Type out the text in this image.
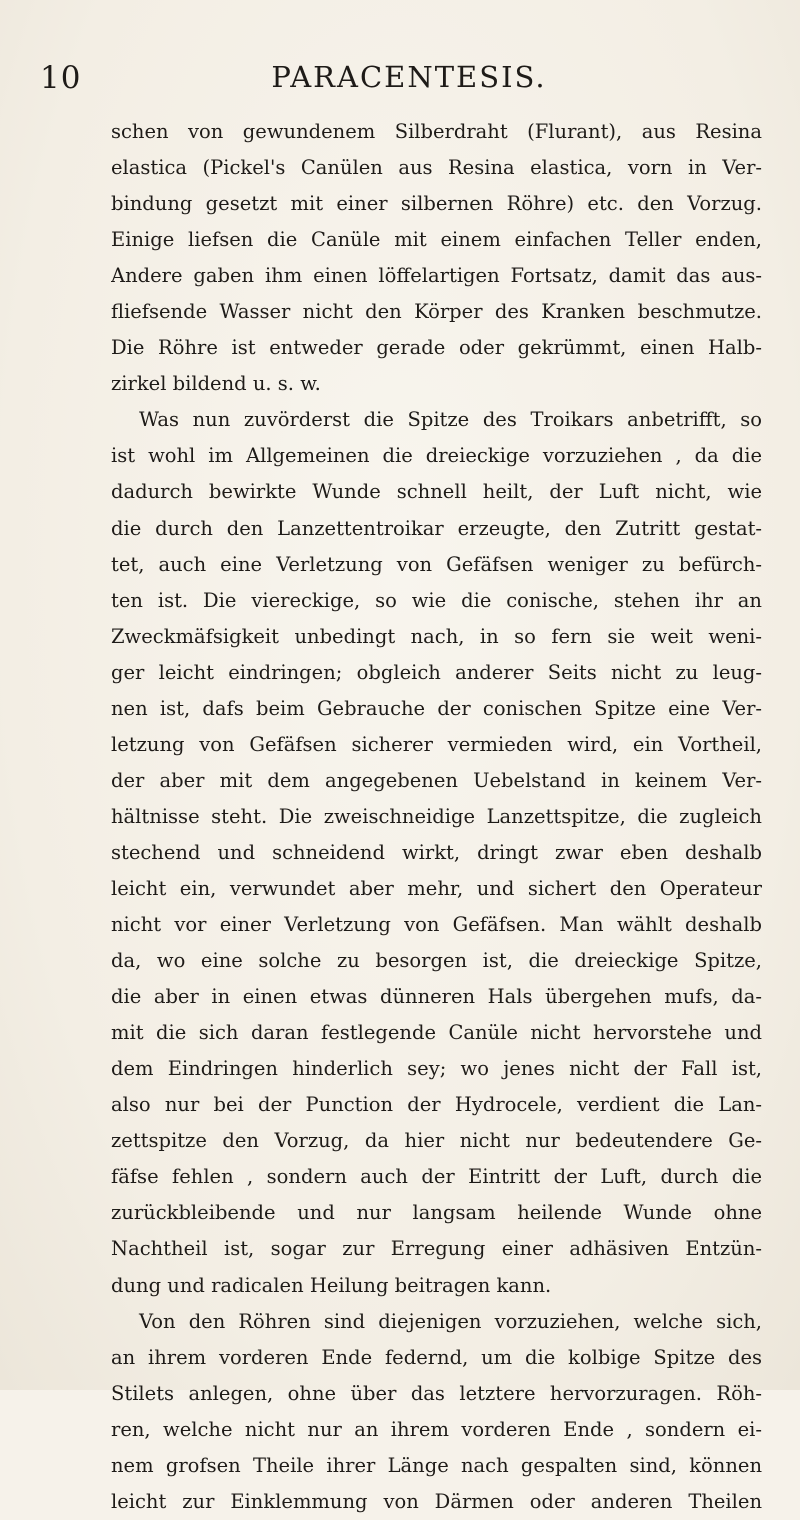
10	PARACENTESIS.
schen von gewundenem Silberdraht (Flurant), aus Resina
elastica (Pickel's Canülen aus Resina elastica, vorn in Ver-
bindung gesetzt mit einer silbernen Röhre) etc. den Vorzug.
Einige liefsen die Canüle mit einem einfachen Teller enden,
Andere gaben ihm einen löffelartigen Fortsatz, damit das aus-
fliefsende Wasser nicht den Körper des Kranken beschmutze.
Die Röhre ist entweder gerade oder gekrümmt, einen Halb-
zirkel bildend u. s. w.
Was nun zuvörderst die Spitze des Troikars anbetrifft, so
ist wohl im Allgemeinen die dreieckige vorzuziehen , da die
dadurch bewirkte Wunde schnell heilt, der Luft nicht, wie
die durch den Lanzettentroikar erzeugte, den Zutritt gestat-
tet, auch eine Verletzung von Gefäfsen weniger zu befürch-
ten ist. Die viereckige, so wie die conische, stehen ihr an
Zweckmäfsigkeit unbedingt nach, in so fern sie weit weni-
ger leicht eindringen; obgleich anderer Seits nicht zu leug-
nen ist, dafs beim Gebrauche der conischen Spitze eine Ver-
letzung von Gefäfsen sicherer vermieden wird, ein Vortheil,
der aber mit dem angegebenen Uebelstand in keinem Ver-
hältnisse steht. Die zweischneidige Lanzettspitze, die zugleich
stechend und schneidend wirkt, dringt zwar eben deshalb
leicht ein, verwundet aber mehr, und sichert den Operateur
nicht vor einer Verletzung von Gefäfsen. Man wählt deshalb
da, wo eine solche zu besorgen ist, die dreieckige Spitze,
die aber in einen etwas dünneren Hals übergehen mufs, da-
mit die sich daran festlegende Canüle nicht hervorstehe und
dem Eindringen hinderlich sey; wo jenes nicht der Fall ist,
also nur bei der Punction der Hydrocele, verdient die Lan-
zettspitze den Vorzug, da hier nicht nur bedeutendere Ge-
fäfse fehlen , sondern auch der Eintritt der Luft, durch die
zurückbleibende und nur langsam heilende Wunde ohne
Nachtheil ist, sogar zur Erregung einer adhäsiven Entzün-
dung und radicalen Heilung beitragen kann.
Von den Röhren sind diejenigen vorzuziehen, welche sich,
an ihrem vorderen Ende federnd, um die kolbige Spitze des
Stilets anlegen, ohne über das letztere hervorzuragen. Röh-
ren, welche nicht nur an ihrem vorderen Ende , sondern ei-
nem grofsen Theile ihrer Länge nach gespalten sind, können
leicht zur Einklemmung von Därmen oder anderen Theilen
